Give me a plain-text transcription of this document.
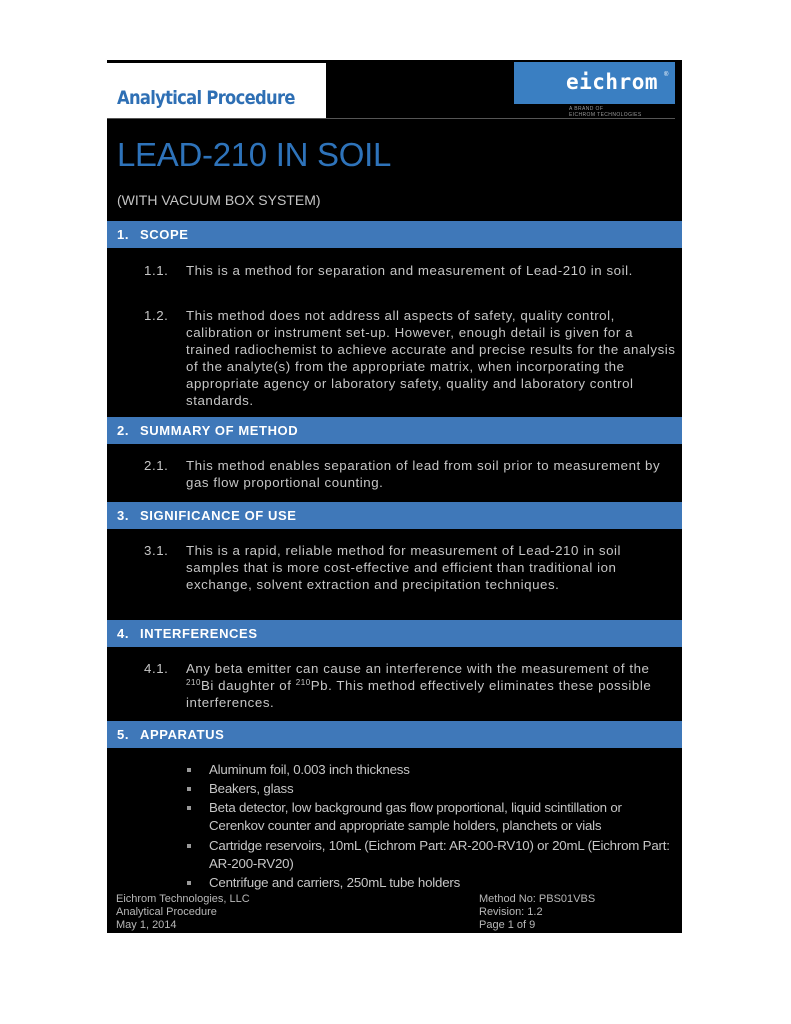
Analytical Procedure
eichrom ®
A BRAND OF
EICHROM TECHNOLOGIES
LEAD-210 IN SOIL
(WITH VACUUM BOX SYSTEM)
1. SCOPE
1.1. This is a method for separation and measurement of Lead-210 in soil.
1.2. This method does not address all aspects of safety, quality control, calibration or instrument set-up. However, enough detail is given for a trained radiochemist to achieve accurate and precise results for the analysis of the analyte(s) from the appropriate matrix, when incorporating the appropriate agency or laboratory safety, quality and laboratory control standards.
2. SUMMARY OF METHOD
2.1. This method enables separation of lead from soil prior to measurement by gas flow proportional counting.
3. SIGNIFICANCE OF USE
3.1. This is a rapid, reliable method for measurement of Lead-210 in soil samples that is more cost-effective and efficient than traditional ion exchange, solvent extraction and precipitation techniques.
4. INTERFERENCES
4.1. Any beta emitter can cause an interference with the measurement of the $^{210}$Bi daughter of $^{210}$Pb. This method effectively eliminates these possible interferences.
5. APPARATUS
Aluminum foil, 0.003 inch thickness
Beakers, glass
Beta detector, low background gas flow proportional, liquid scintillation or Cerenkov counter and appropriate sample holders, planchets or vials
Cartridge reservoirs, 10mL (Eichrom Part: AR-200-RV10) or 20mL (Eichrom Part: AR-200-RV20)
Centrifuge and carriers, 250mL tube holders
Eichrom Technologies, LLC
Analytical Procedure
May 1, 2014
Method No: PBS01VBS
Revision: 1.2
Page 1 of 9
